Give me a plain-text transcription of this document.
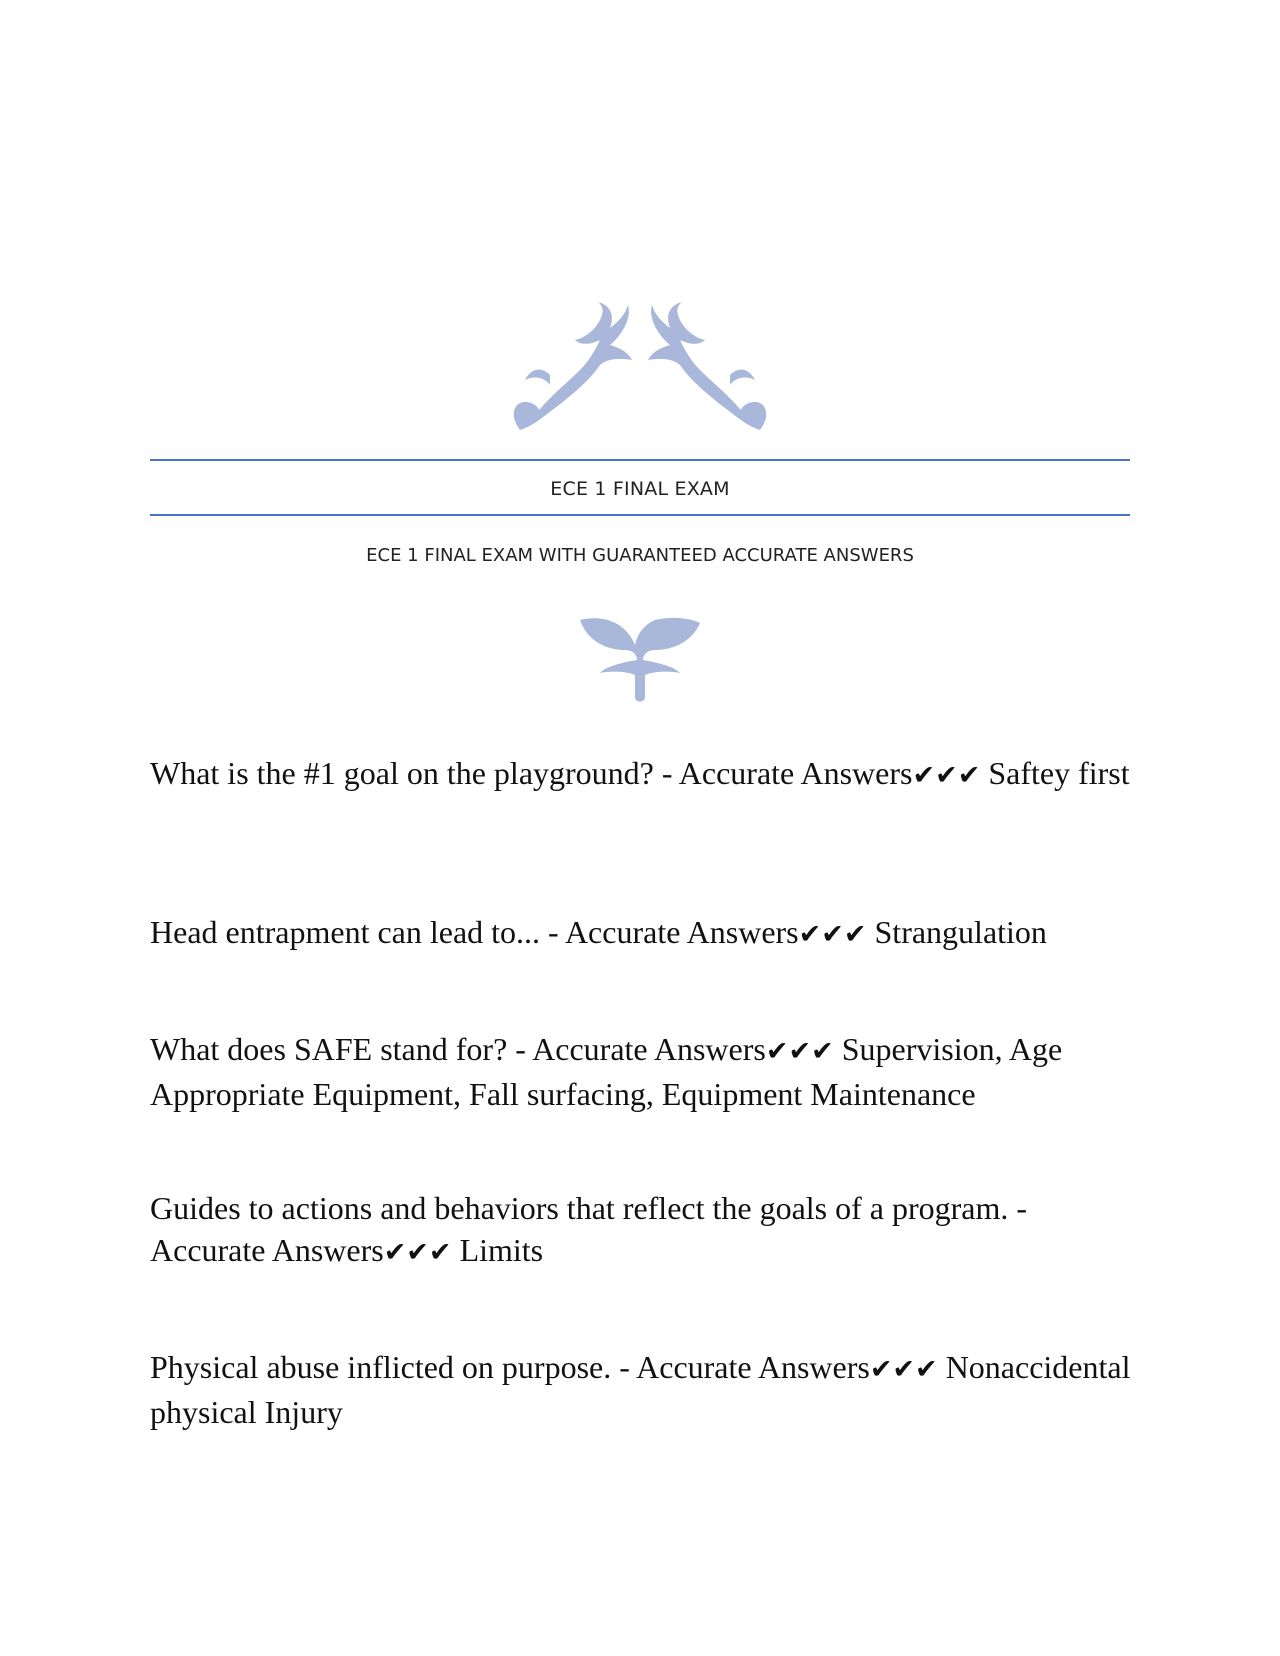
ECE 1 FINAL EXAM
ECE 1 FINAL EXAM WITH GUARANTEED ACCURATE ANSWERS
What is the #1 goal on the playground? - Accurate Answers✔✔✔ Saftey first
Head entrapment can lead to... - Accurate Answers✔✔✔ Strangulation
What does SAFE stand for? - Accurate Answers✔✔✔ Supervision, Age Appropriate Equipment, Fall surfacing, Equipment Maintenance
Guides to actions and behaviors that reflect the goals of a program. - Accurate Answers✔✔✔ Limits
Physical abuse inflicted on purpose. - Accurate Answers✔✔✔ Nonaccidental physical Injury
